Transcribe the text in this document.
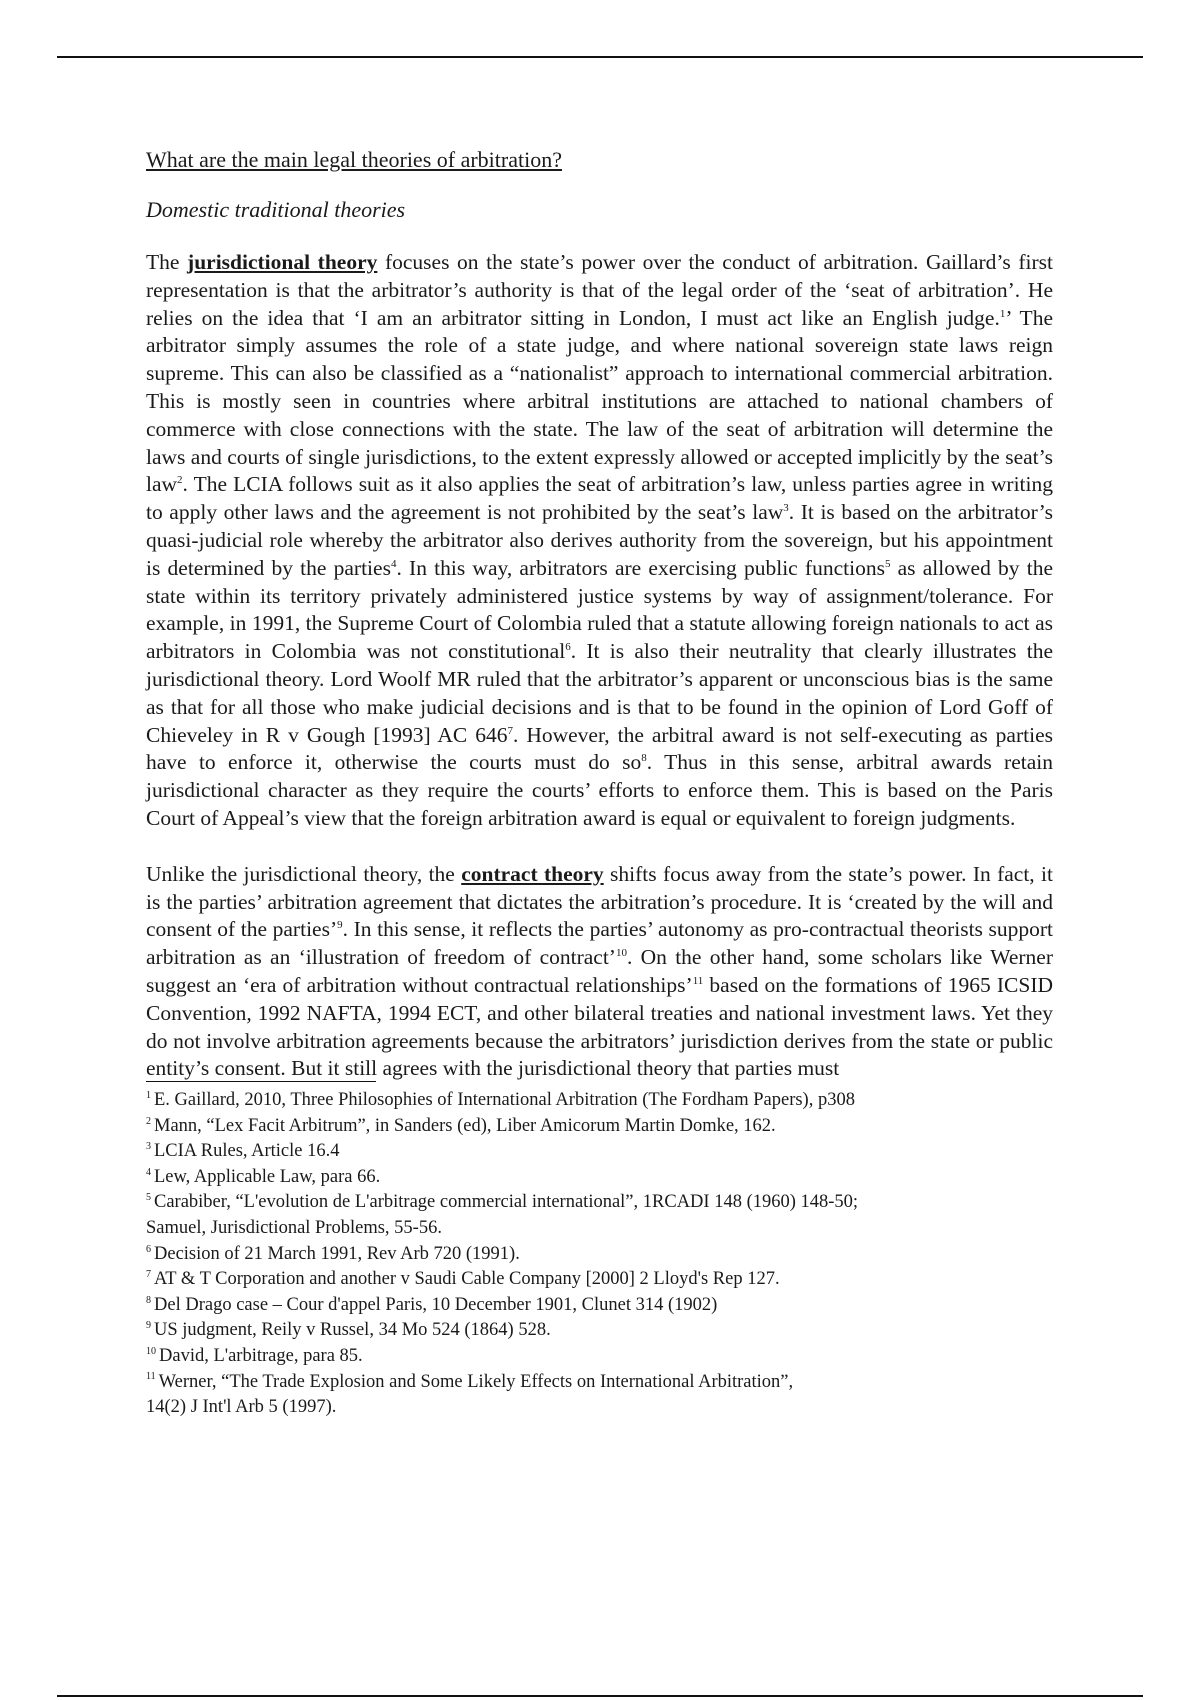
What are the main legal theories of arbitration?

Domestic traditional theories

The jurisdictional theory focuses on the state’s power over the conduct of arbitration. Gaillard’s first representation is that the arbitrator’s authority is that of the legal order of the ‘seat of arbitration’. He relies on the idea that ‘I am an arbitrator sitting in London, I must act like an English judge.$^1$’ The arbitrator simply assumes the role of a state judge, and where national sovereign state laws reign supreme. This can also be classified as a “nationalist” approach to international commercial arbitration. This is mostly seen in countries where arbitral institutions are attached to national chambers of commerce with close connections with the state. The law of the seat of arbitration will determine the laws and courts of single jurisdictions, to the extent expressly allowed or accepted implicitly by the seat’s law$^2$. The LCIA follows suit as it also applies the seat of arbitration’s law, unless parties agree in writing to apply other laws and the agreement is not prohibited by the seat’s law$^3$. It is based on the arbitrator’s quasi-judicial role whereby the arbitrator also derives authority from the sovereign, but his appointment is determined by the parties$^4$. In this way, arbitrators are exercising public functions$^5$ as allowed by the state within its territory privately administered justice systems by way of assignment/tolerance. For example, in 1991, the Supreme Court of Colombia ruled that a statute allowing foreign nationals to act as arbitrators in Colombia was not constitutional$^6$. It is also their neutrality that clearly illustrates the jurisdictional theory. Lord Woolf MR ruled that the arbitrator’s apparent or unconscious bias is the same as that for all those who make judicial decisions and is that to be found in the opinion of Lord Goff of Chieveley in R v Gough [1993] AC 646$^7$. However, the arbitral award is not self-executing as parties have to enforce it, otherwise the courts must do so$^8$. Thus in this sense, arbitral awards retain jurisdictional character as they require the courts’ efforts to enforce them. This is based on the Paris Court of Appeal’s view that the foreign arbitration award is equal or equivalent to foreign judgments.

Unlike the jurisdictional theory, the contract theory shifts focus away from the state’s power. In fact, it is the parties’ arbitration agreement that dictates the arbitration’s procedure. It is ‘created by the will and consent of the parties’$^9$. In this sense, it reflects the parties’ autonomy as pro-contractual theorists support arbitration as an ‘illustration of freedom of contract’$^{10}$. On the other hand, some scholars like Werner suggest an ‘era of arbitration without contractual relationships’$^{11}$ based on the formations of 1965 ICSID Convention, 1992 NAFTA, 1994 ECT, and other bilateral treaties and national investment laws. Yet they do not involve arbitration agreements because the arbitrators’ jurisdiction derives from the state or public entity’s consent. But it still agrees with the jurisdictional theory that parties must

$^1$ E. Gaillard, 2010, Three Philosophies of International Arbitration (The Fordham Papers), p308
$^2$ Mann, “Lex Facit Arbitrum”, in Sanders (ed), Liber Amicorum Martin Domke, 162.
$^3$ LCIA Rules, Article 16.4
$^4$ Lew, Applicable Law, para 66.
$^5$ Carabiber, “L'evolution de L'arbitrage commercial international”, 1RCADI 148 (1960) 148-50;
Samuel, Jurisdictional Problems, 55-56.
$^6$ Decision of 21 March 1991, Rev Arb 720 (1991).
$^7$ AT & T Corporation and another v Saudi Cable Company [2000] 2 Lloyd's Rep 127.
$^8$ Del Drago case – Cour d'appel Paris, 10 December 1901, Clunet 314 (1902)
$^9$ US judgment, Reily v Russel, 34 Mo 524 (1864) 528.
$^{10}$ David, L'arbitrage, para 85.
$^{11}$ Werner, “The Trade Explosion and Some Likely Effects on International Arbitration”,
14(2) J Int'l Arb 5 (1997).
